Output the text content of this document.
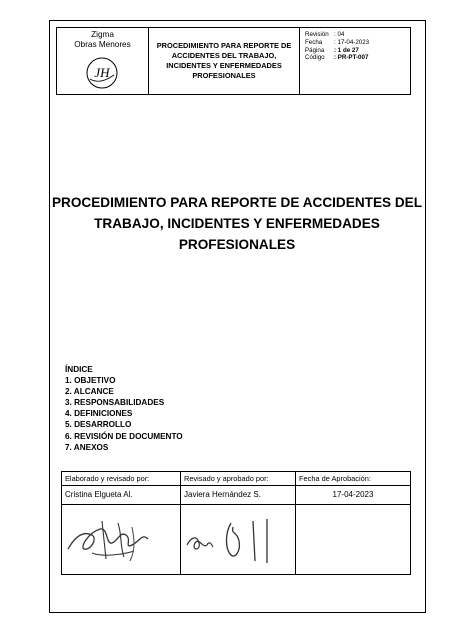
Zigma
Obras Menores
JH
PROCEDIMIENTO PARA REPORTE DE ACCIDENTES DEL TRABAJO, INCIDENTES Y ENFERMEDADES PROFESIONALES
Revisión : 04
Fecha	: 17-04-2023
Página	: 1 de 27
Código	: PR-PT-007
PROCEDIMIENTO PARA REPORTE DE ACCIDENTES DEL TRABAJO, INCIDENTES Y ENFERMEDADES PROFESIONALES
ÍNDICE
1. OBJETIVO
2. ALCANCE
3. RESPONSABILIDADES
4. DEFINICIONES
5. DESARROLLO
6. REVISIÓN DE DOCUMENTO
7. ANEXOS
Elaborado y revisado por:
Cristina Elgueta Al.
Revisado y aprobado por:
Javiera Hernández S.
Fecha de Aprobación:
17-04-2023
